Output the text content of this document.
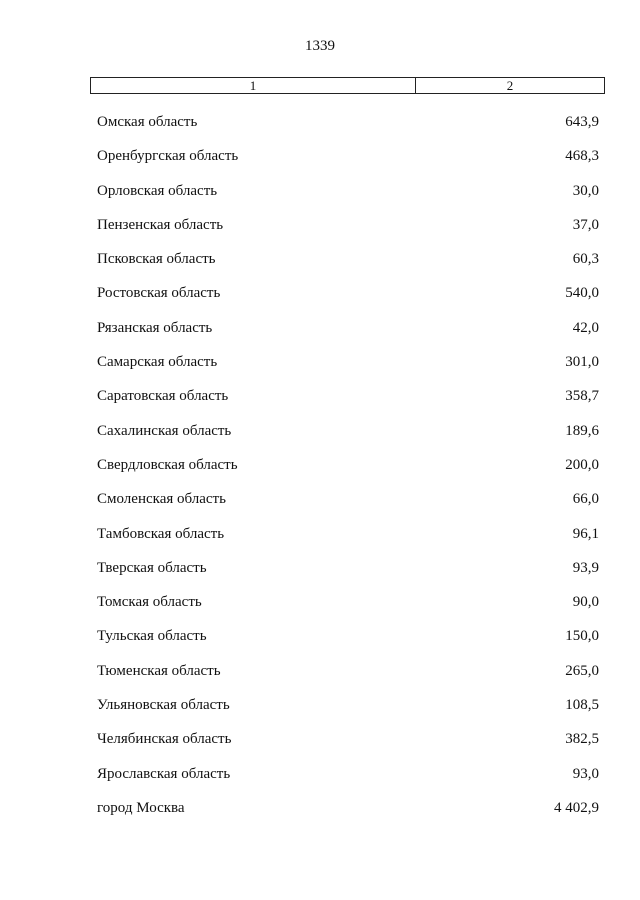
1339
1	2
Омская область	643,9
Оренбургская область	468,3
Орловская область	30,0
Пензенская область	37,0
Псковская область	60,3
Ростовская область	540,0
Рязанская область	42,0
Самарская область	301,0
Саратовская область	358,7
Сахалинская область	189,6
Свердловская область	200,0
Смоленская область	66,0
Тамбовская область	96,1
Тверская область	93,9
Томская область	90,0
Тульская область	150,0
Тюменская область	265,0
Ульяновская область	108,5
Челябинская область	382,5
Ярославская область	93,0
город Москва	4 402,9
